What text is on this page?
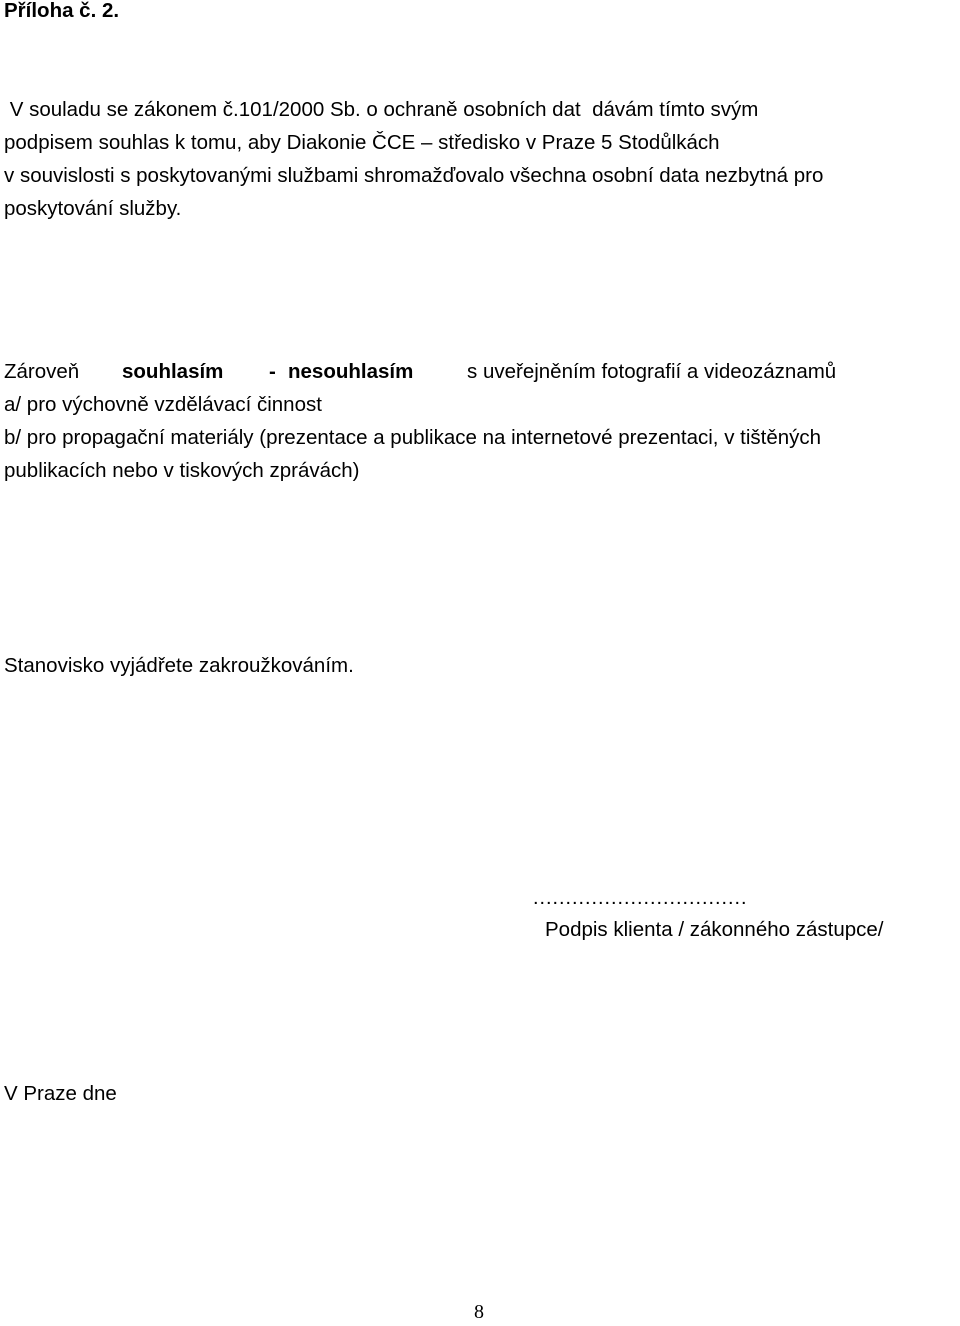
Příloha č. 2.
V souladu se zákonem č.101/2000 Sb. o ochraně osobních dat  dávám tímto svým
podpisem souhlas k tomu, aby Diakonie ČCE – středisko v Praze 5 Stodůlkách
v souvislosti s poskytovanými službami shromažďovalo všechna osobní data nezbytná pro
poskytování služby.
Zároveň souhlasím - nesouhlasím	s uveřejněním fotografií a videozáznamů
a/ pro výchovně vzdělávací činnost
b/ pro propagační materiály (prezentace a publikace na internetové prezentaci, v tištěných
publikacích nebo v tiskových zprávách)
Stanovisko vyjádřete zakroužkováním.
……………………………
Podpis klienta / zákonného zástupce/
V Praze dne
8
